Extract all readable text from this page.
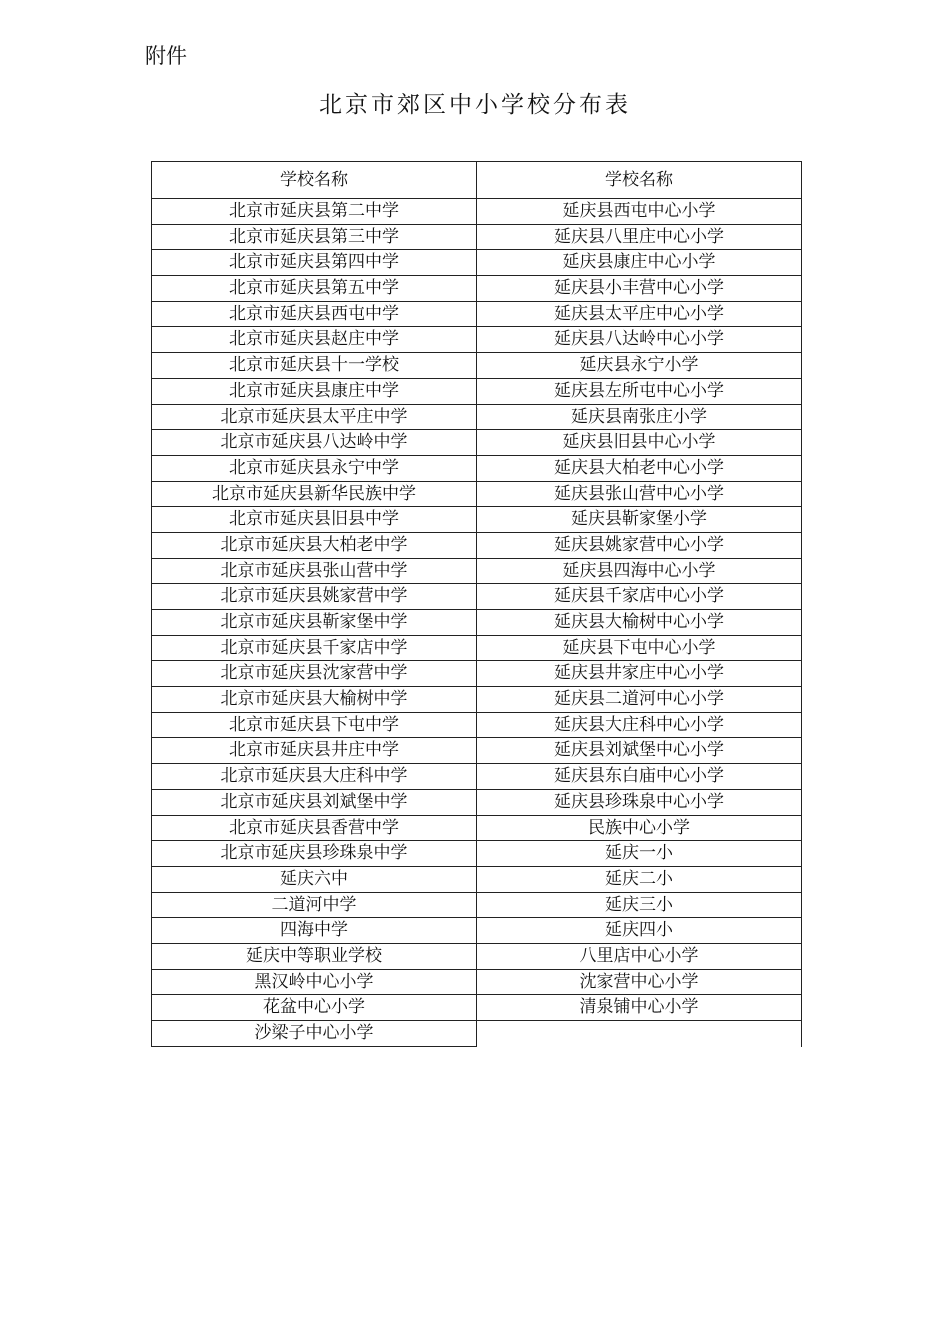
附件
北京市郊区中小学校分布表
学校名称	学校名称
北京市延庆县第二中学	延庆县西屯中心小学
北京市延庆县第三中学	延庆县八里庄中心小学
北京市延庆县第四中学	延庆县康庄中心小学
北京市延庆县第五中学	延庆县小丰营中心小学
北京市延庆县西屯中学	延庆县太平庄中心小学
北京市延庆县赵庄中学	延庆县八达岭中心小学
北京市延庆县十一学校	延庆县永宁小学
北京市延庆县康庄中学	延庆县左所屯中心小学
北京市延庆县太平庄中学	延庆县南张庄小学
北京市延庆县八达岭中学	延庆县旧县中心小学
北京市延庆县永宁中学	延庆县大柏老中心小学
北京市延庆县新华民族中学	延庆县张山营中心小学
北京市延庆县旧县中学	延庆县靳家堡小学
北京市延庆县大柏老中学	延庆县姚家营中心小学
北京市延庆县张山营中学	延庆县四海中心小学
北京市延庆县姚家营中学	延庆县千家店中心小学
北京市延庆县靳家堡中学	延庆县大榆树中心小学
北京市延庆县千家店中学	延庆县下屯中心小学
北京市延庆县沈家营中学	延庆县井家庄中心小学
北京市延庆县大榆树中学	延庆县二道河中心小学
北京市延庆县下屯中学	延庆县大庄科中心小学
北京市延庆县井庄中学	延庆县刘斌堡中心小学
北京市延庆县大庄科中学	延庆县东白庙中心小学
北京市延庆县刘斌堡中学	延庆县珍珠泉中心小学
北京市延庆县香营中学	民族中心小学
北京市延庆县珍珠泉中学	延庆一小
延庆六中	延庆二小
二道河中学	延庆三小
四海中学	延庆四小
延庆中等职业学校	八里店中心小学
黑汉岭中心小学	沈家营中心小学
花盆中心小学	清泉铺中心小学
沙梁子中心小学
